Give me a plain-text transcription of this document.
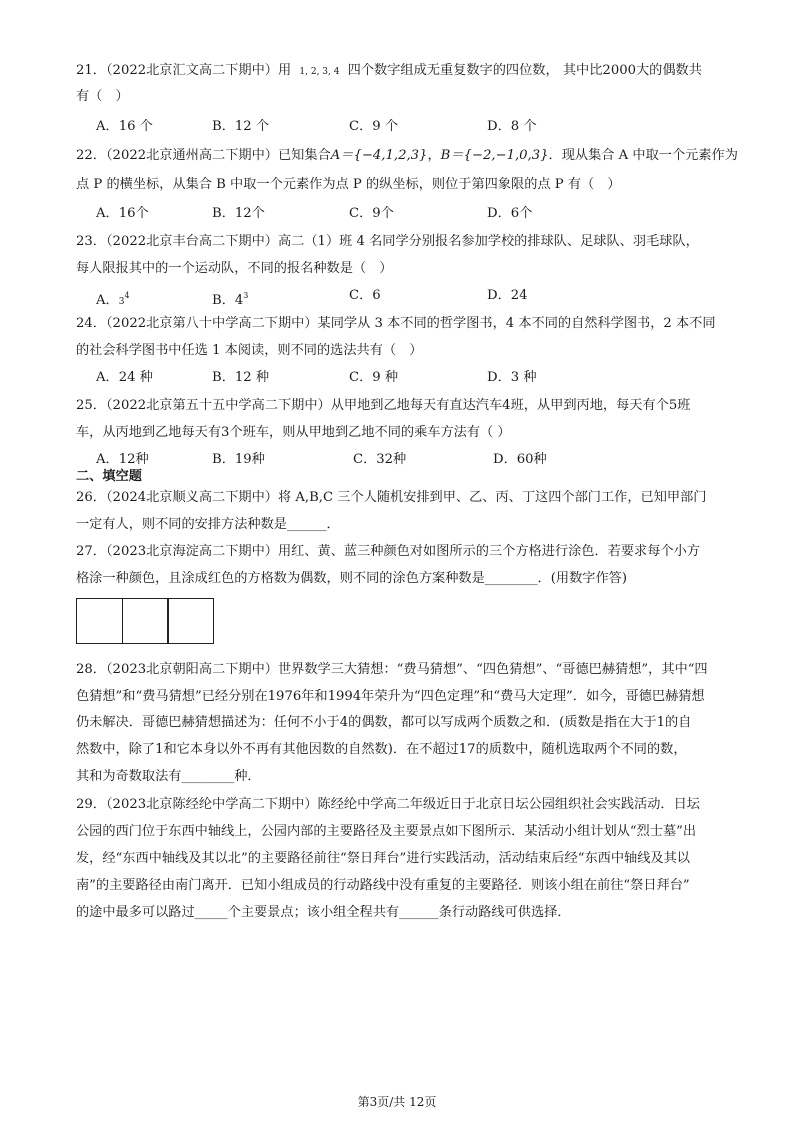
21．（2022北京汇文高二下期中）用 1, 2, 3, 4 四个数字组成无重复数字的四位数， 其中比2000大的偶数共
有（　）
A．16 个	B．12 个	C．9 个	D．8 个
22．（2022北京通州高二下期中）已知集合A＝{−4,1,2,3}，B＝{−2,−1,0,3}．现从集合 A 中取一个元素作为
点 P 的横坐标，从集合 B 中取一个元素作为点 P 的纵坐标，则位于第四象限的点 P 有（　）
A．16个	B．12个	C．9个	D．6个
23．（2022北京丰台高二下期中）高二（1）班 4 名同学分别报名参加学校的排球队、足球队、羽毛球队，
每人限报其中的一个运动队，不同的报名种数是（　）
A．$3^4$	B．$4^3$	C．6	D．24
24．（2022北京第八十中学高二下期中）某同学从 3 本不同的哲学图书，4 本不同的自然科学图书，2 本不同
的社会科学图书中任选 1 本阅读，则不同的选法共有（　）
A．24 种	B．12 种	C．9 种	D．3 种
25．（2022北京第五十五中学高二下期中）从甲地到乙地每天有直达汽车4班，从甲到丙地，每天有个5班
车，从丙地到乙地每天有3个班车，则从甲地到乙地不同的乘车方法有（ ）
A．12种	B．19种	C．32种	D．60种
二、填空题
26．（2024北京顺义高二下期中）将 A,B,C 三个人随机安排到甲、乙、丙、丁这四个部门工作，已知甲部门
一定有人，则不同的安排方法种数是______．
27．（2023北京海淀高二下期中）用红、黄、蓝三种颜色对如图所示的三个方格进行涂色．若要求每个小方
格涂一种颜色，且涂成红色的方格数为偶数，则不同的涂色方案种数是________．(用数字作答)
28．（2023北京朝阳高二下期中）世界数学三大猜想：“费马猜想”、“四色猜想”、“哥德巴赫猜想”，其中“四
色猜想”和“费马猜想”已经分别在1976年和1994年荣升为“四色定理”和“费马大定理”．如今，哥德巴赫猜想
仍未解决．哥德巴赫猜想描述为：任何不小于4的偶数，都可以写成两个质数之和．(质数是指在大于1的自
然数中，除了1和它本身以外不再有其他因数的自然数)．在不超过17的质数中，随机选取两个不同的数，
其和为奇数取法有________种．
29．（2023北京陈经纶中学高二下期中）陈经纶中学高二年级近日于北京日坛公园组织社会实践活动．日坛
公园的西门位于东西中轴线上，公园内部的主要路径及主要景点如下图所示．某活动小组计划从“烈士墓”出
发，经“东西中轴线及其以北”的主要路径前往“祭日拜台”进行实践活动，活动结束后经“东西中轴线及其以
南”的主要路径由南门离开．已知小组成员的行动路线中没有重复的主要路径．则该小组在前往“祭日拜台”
的途中最多可以路过_____个主要景点；该小组全程共有______条行动路线可供选择．
第3页/共 12页
